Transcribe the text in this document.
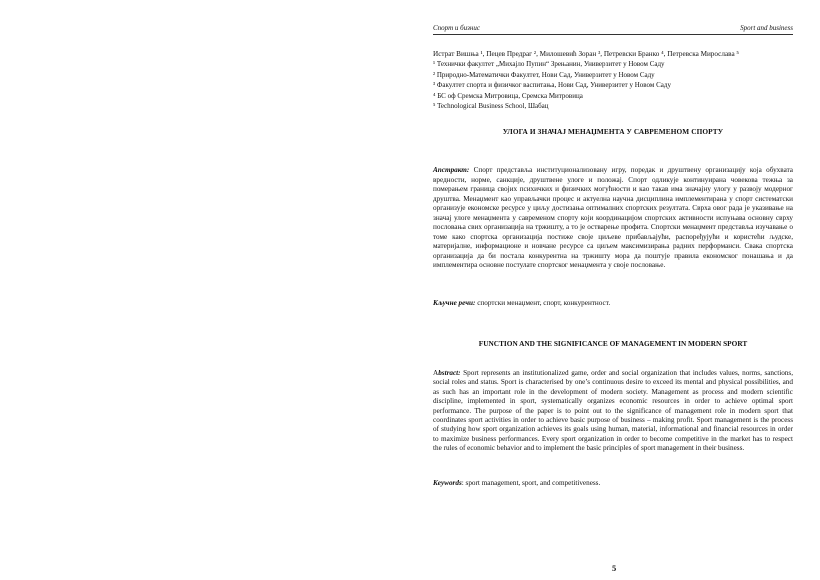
Спорт и бизнис	Sport and business
Истрат Вишња ¹, Пецев Предраг ², Милошевић Зоран ³, Петревски Бранко ⁴, Петревска Мирослава ⁵
¹ Технички факултет „Михајло Пупин“ Зрењанин, Универзитет у Новом Саду
² Природно-Математички Факултет, Нови Сад, Универзитет у Новом Саду
³ Факултет спорта и физичког васпитања, Нови Сад, Универзитет у Новом Саду
⁴ БС оф Сремска Митровица, Сремска Митровица
⁵ Technological Business School, Шабац
УЛОГА И ЗНАЧАЈ МЕНАЏМЕНТА У САВРЕМЕНОМ СПОРТУ
Апстракт: Спорт представља институционализовану игру, поредак и друштвену организацију која обухвата вредности, норме, санкције, друштвене улоге и положај. Спорт одликује континуирана човекова тежња за померањем граница својих психичких и физичких могућности и као такав има значајну улогу у развоју модерног друштва. Менаџмент као управљачки процес и актуелна научна дисциплина имплементирана у спорт систематски организује економске ресурсе у циљу достизања оптималних спортских резултата. Сврха овог рада је указивање на значај улоге менаџмента у савременом спорту који координацијом спортских активности испуњава основну сврху пословања свих организација на тржишту, а то је остварење профита. Спортски менаџмент представља изучавање о томе како спортска организација постиже своје циљеве прибављајући, распоређујући и користећи људске, материјалне, информационе и новчане ресурсе са циљем максимизирања радних перформанси. Свака спортска организација да би постала конкурентна на тржишту мора да поштује правила економског понашања и да имплементира основне постулате спортског менаџмента у своје пословање.
Кључне речи: спортски менаџмент, спорт, конкурентност.
FUNCTION AND THE SIGNIFICANCE OF MANAGEMENT IN MODERN SPORT
Abstract: Sport represents an institutionalized game, order and social organization that includes values, norms, sanctions, social roles and status. Sport is characterised by one’s continuous desire to exceed its mental and physical possibilities, and as such has an important role in the development of modern society. Management as process and modern scientific discipline, implemented in sport, systematically organizes economic resources in order to achieve optimal sport performance. The purpose of the paper is to point out to the significance of management role in modern sport that coordinates sport activities in order to achieve basic purpose of business – making profit. Sport management is the process of studying how sport organization achieves its goals using human, material, informational and financial resources in order to maximize business performances. Every sport organization in order to become competitive in the market has to respect the rules of economic behavior and to implement the basic principles of sport management in their business.
Keywords: sport management, sport, and competitiveness.
5
